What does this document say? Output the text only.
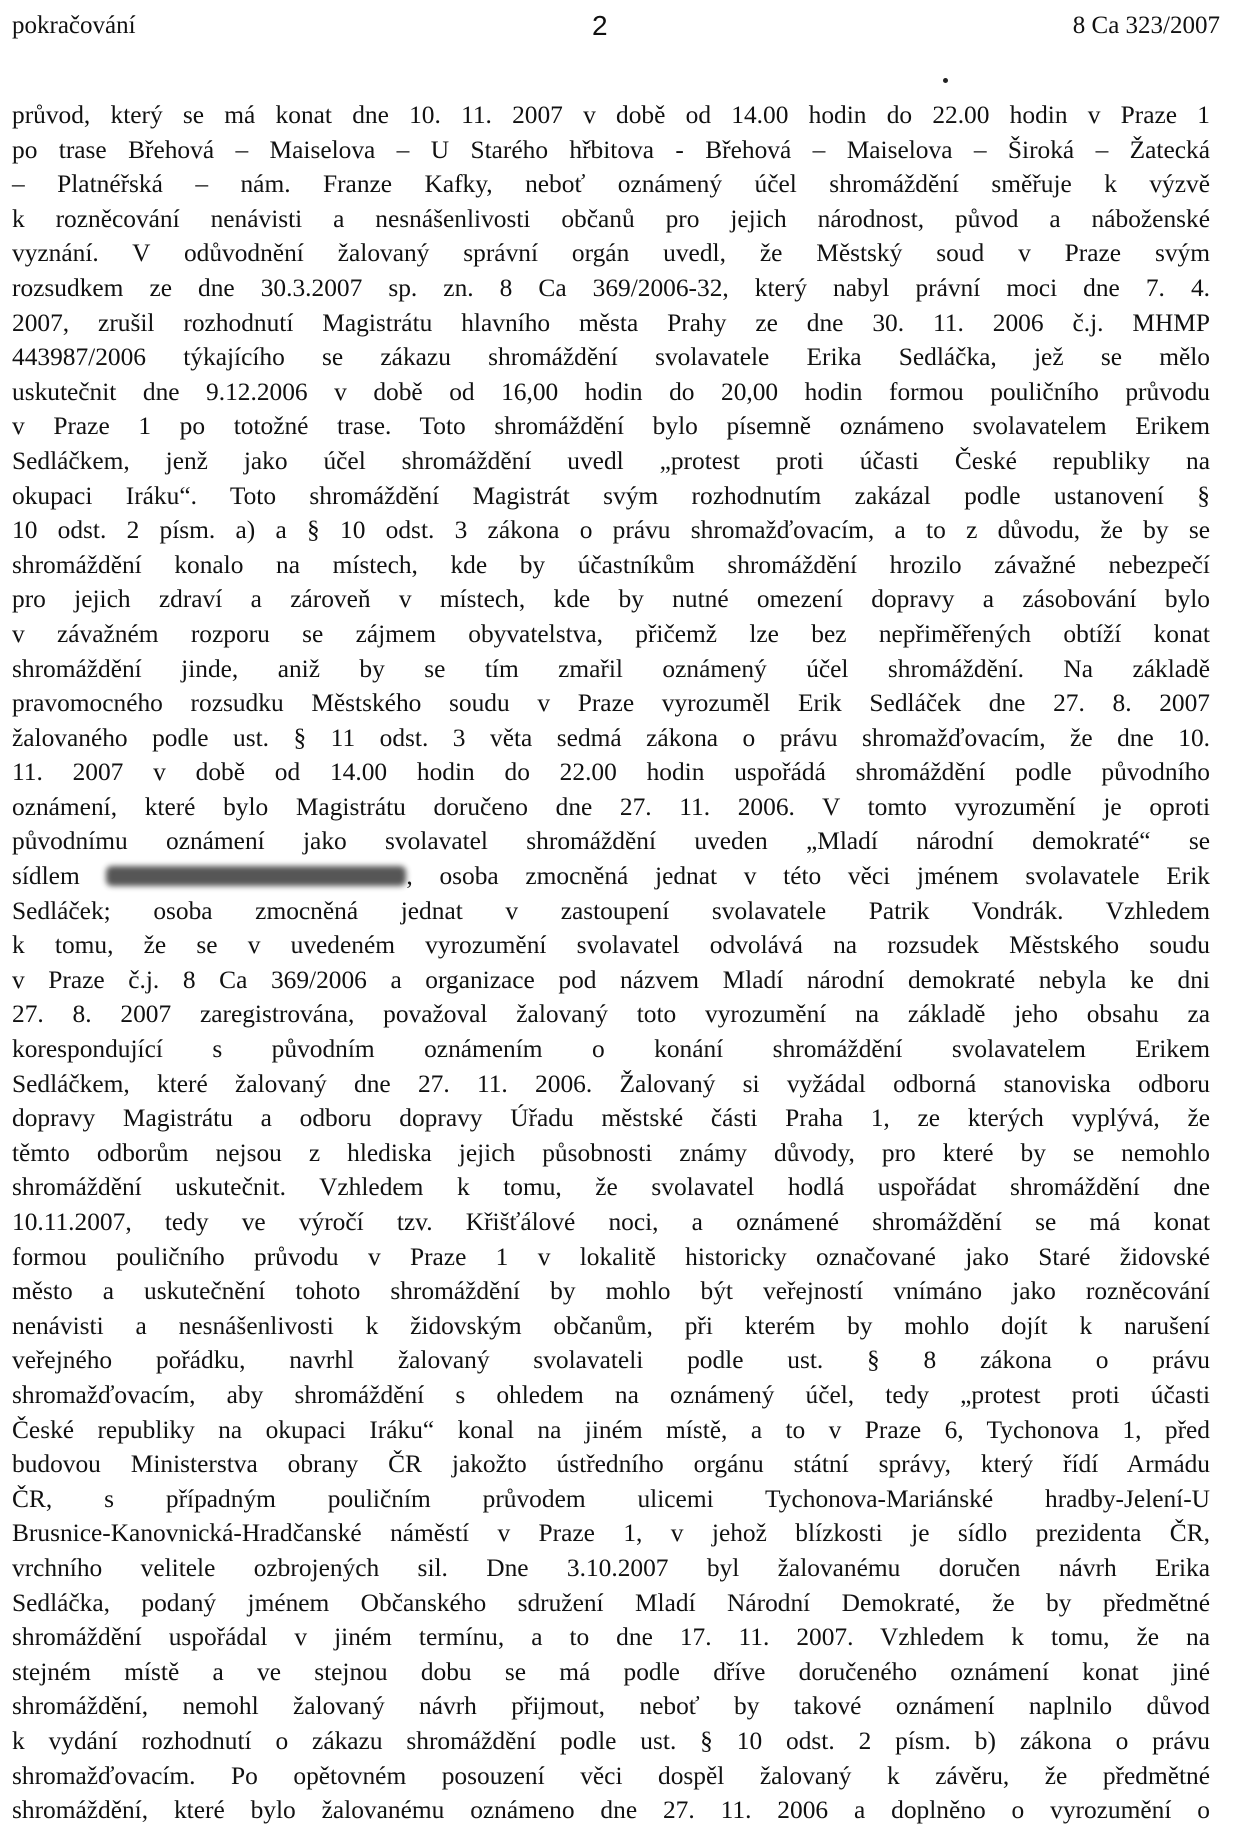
pokračování	2	8 Ca 323/2007
průvod, který se má konat dne 10. 11. 2007 v době od 14.00 hodin do 22.00 hodin v Praze 1
po trase Břehová – Maiselova – U Starého hřbitova - Břehová – Maiselova – Široká – Žatecká
– Platnéřská – nám. Franze Kafky, neboť oznámený účel shromáždění směřuje k výzvě
k rozněcování nenávisti a nesnášenlivosti občanů pro jejich národnost, původ a náboženské
vyznání. V odůvodnění žalovaný správní orgán uvedl, že Městský soud v Praze svým
rozsudkem ze dne 30.3.2007 sp. zn. 8 Ca 369/2006-32, který nabyl právní moci dne 7. 4.
2007, zrušil rozhodnutí Magistrátu hlavního města Prahy ze dne 30. 11. 2006 č.j. MHMP
443987/2006 týkajícího se zákazu shromáždění svolavatele Erika Sedláčka, jež se mělo
uskutečnit dne 9.12.2006 v době od 16,00 hodin do 20,00 hodin formou pouličního průvodu
v Praze 1 po totožné trase. Toto shromáždění bylo písemně oznámeno svolavatelem Erikem
Sedláčkem, jenž jako účel shromáždění uvedl „protest proti účasti České republiky na
okupaci Iráku“. Toto shromáždění Magistrát svým rozhodnutím zakázal podle ustanovení §
10 odst. 2 písm. a) a § 10 odst. 3 zákona o právu shromažďovacím, a to z důvodu, že by se
shromáždění konalo na místech, kde by účastníkům shromáždění hrozilo závažné nebezpečí
pro jejich zdraví a zároveň v místech, kde by nutné omezení dopravy a zásobování bylo
v závažném rozporu se zájmem obyvatelstva, přičemž lze bez nepřiměřených obtíží konat
shromáždění jinde, aniž by se tím zmařil oznámený účel shromáždění. Na základě
pravomocného rozsudku Městského soudu v Praze vyrozuměl Erik Sedláček dne 27. 8. 2007
žalovaného podle ust. § 11 odst. 3 věta sedmá zákona o právu shromažďovacím, že dne 10.
11. 2007 v době od 14.00 hodin do 22.00 hodin uspořádá shromáždění podle původního
oznámení, které bylo Magistrátu doručeno dne 27. 11. 2006. V tomto vyrozumění je oproti
původnímu oznámení jako svolavatel shromáždění uveden „Mladí národní demokraté“ se
sídlem	, osoba zmocněná jednat v této věci jménem svolavatele Erik
Sedláček; osoba zmocněná jednat v zastoupení svolavatele Patrik Vondrák. Vzhledem
k tomu, že se v uvedeném vyrozumění svolavatel odvolává na rozsudek Městského soudu
v Praze č.j. 8 Ca 369/2006 a organizace pod názvem Mladí národní demokraté nebyla ke dni
27. 8. 2007 zaregistrována, považoval žalovaný toto vyrozumění na základě jeho obsahu za
korespondující s původním oznámením o konání shromáždění svolavatelem Erikem
Sedláčkem, které žalovaný dne 27. 11. 2006. Žalovaný si vyžádal odborná stanoviska odboru
dopravy Magistrátu a odboru dopravy Úřadu městské části Praha 1, ze kterých vyplývá, že
těmto odborům nejsou z hlediska jejich působnosti známy důvody, pro které by se nemohlo
shromáždění uskutečnit. Vzhledem k tomu, že svolavatel hodlá uspořádat shromáždění dne
10.11.2007, tedy ve výročí tzv. Křišťálové noci, a oznámené shromáždění se má konat
formou pouličního průvodu v Praze 1 v lokalitě historicky označované jako Staré židovské
město a uskutečnění tohoto shromáždění by mohlo být veřejností vnímáno jako rozněcování
nenávisti a nesnášenlivosti k židovským občanům, při kterém by mohlo dojít k narušení
veřejného pořádku, navrhl žalovaný svolavateli podle ust. § 8 zákona o právu
shromažďovacím, aby shromáždění s ohledem na oznámený účel, tedy „protest proti účasti
České republiky na okupaci Iráku“ konal na jiném místě, a to v Praze 6, Tychonova 1, před
budovou Ministerstva obrany ČR jakožto ústředního orgánu státní správy, který řídí Armádu
ČR, s případným pouličním průvodem ulicemi Tychonova-Mariánské hradby-Jelení-U
Brusnice-Kanovnická-Hradčanské náměstí v Praze 1, v jehož blízkosti je sídlo prezidenta ČR,
vrchního velitele ozbrojených sil. Dne 3.10.2007 byl žalovanému doručen návrh Erika
Sedláčka, podaný jménem Občanského sdružení Mladí Národní Demokraté, že by předmětné
shromáždění uspořádal v jiném termínu, a to dne 17. 11. 2007. Vzhledem k tomu, že na
stejném místě a ve stejnou dobu se má podle dříve doručeného oznámení konat jiné
shromáždění, nemohl žalovaný návrh přijmout, neboť by takové oznámení naplnilo důvod
k vydání rozhodnutí o zákazu shromáždění podle ust. § 10 odst. 2 písm. b) zákona o právu
shromažďovacím. Po opětovném posouzení věci dospěl žalovaný k závěru, že předmětné
shromáždění, které bylo žalovanému oznámeno dne 27. 11. 2006 a doplněno o vyrozumění o
